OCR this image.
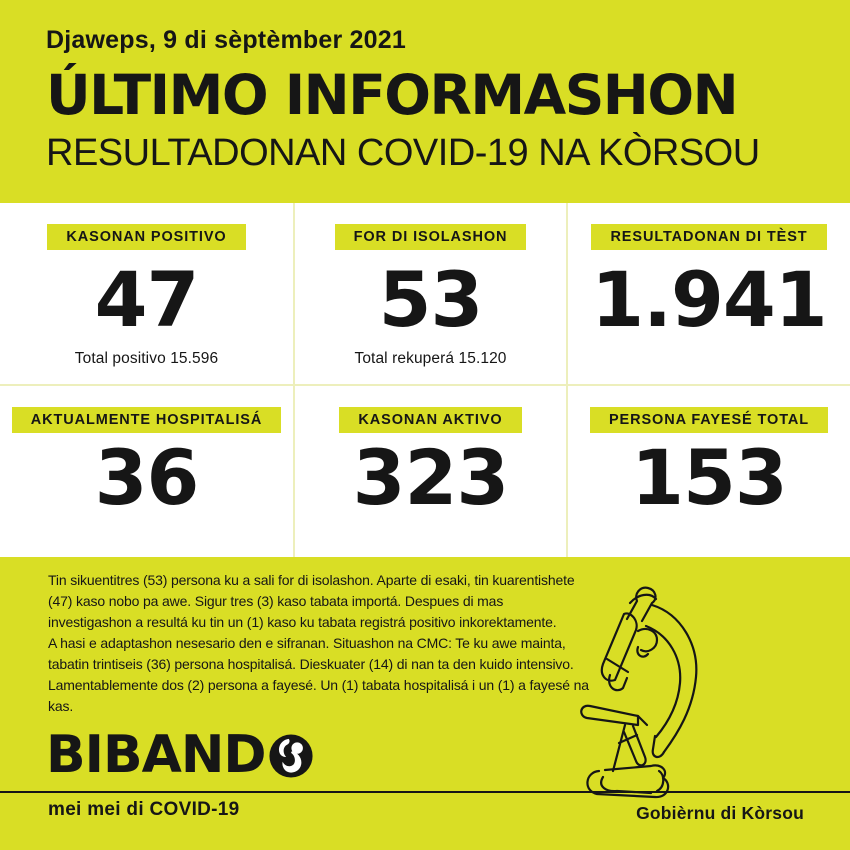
Djaweps, 9 di sèptèmber 2021
ÚLTIMO INFORMASHON
RESULTADONAN COVID-19 NA KÒRSOU
KASONAN POSITIVO
47
Total positivo 15.596
FOR DI ISOLASHON
53
Total rekuperá 15.120
RESULTADONAN DI TÈST
1.941
AKTUALMENTE HOSPITALISÁ
36
KASONAN AKTIVO
323
PERSONA FAYESÉ TOTAL
153
Tin sikuentitres (53) persona ku a sali for di isolashon. Aparte di esaki, tin kuarentishete
(47) kaso nobo pa awe. Sigur tres (3) kaso tabata importá. Despues di mas
investigashon a resultá ku tin un (1) kaso ku tabata registrá positivo inkorektamente.
A hasi e adaptashon nesesario den e sifranan. Situashon na CMC: Te ku awe mainta,
tabatin trintiseis (36) persona hospitalisá. Dieskuater (14) di nan ta den kuido intensivo.
Lamentablemente dos (2) persona a fayesé. Un (1) tabata hospitalisá i un (1) a fayesé na
kas.
BIBAND
mei mei di COVID-19	Gobièrnu di Kòrsou
